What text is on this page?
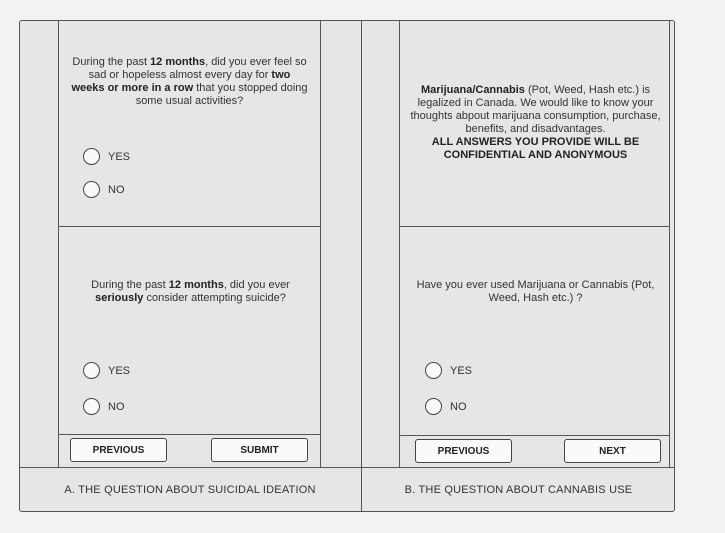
During the past 12 months, did you ever feel so sad or hopeless almost every day for two weeks or more in a row that you stopped doing some usual activities?
YES
NO
During the past 12 months, did you ever seriously consider attempting suicide?
YES
NO
PREVIOUS	SUBMIT
A. THE QUESTION ABOUT SUICIDAL IDEATION
Marijuana/Cannabis (Pot, Weed, Hash etc.) is legalized in Canada. We would like to know your thoughts abpout marijuana consumption, purchase, benefits, and disadvantages.
ALL ANSWERS YOU PROVIDE WILL BE CONFIDENTIAL AND ANONYMOUS
Have you ever used Marijuana or Cannabis (Pot, Weed, Hash etc.) ?
YES
NO
PREVIOUS	NEXT
B. THE QUESTION ABOUT CANNABIS USE
